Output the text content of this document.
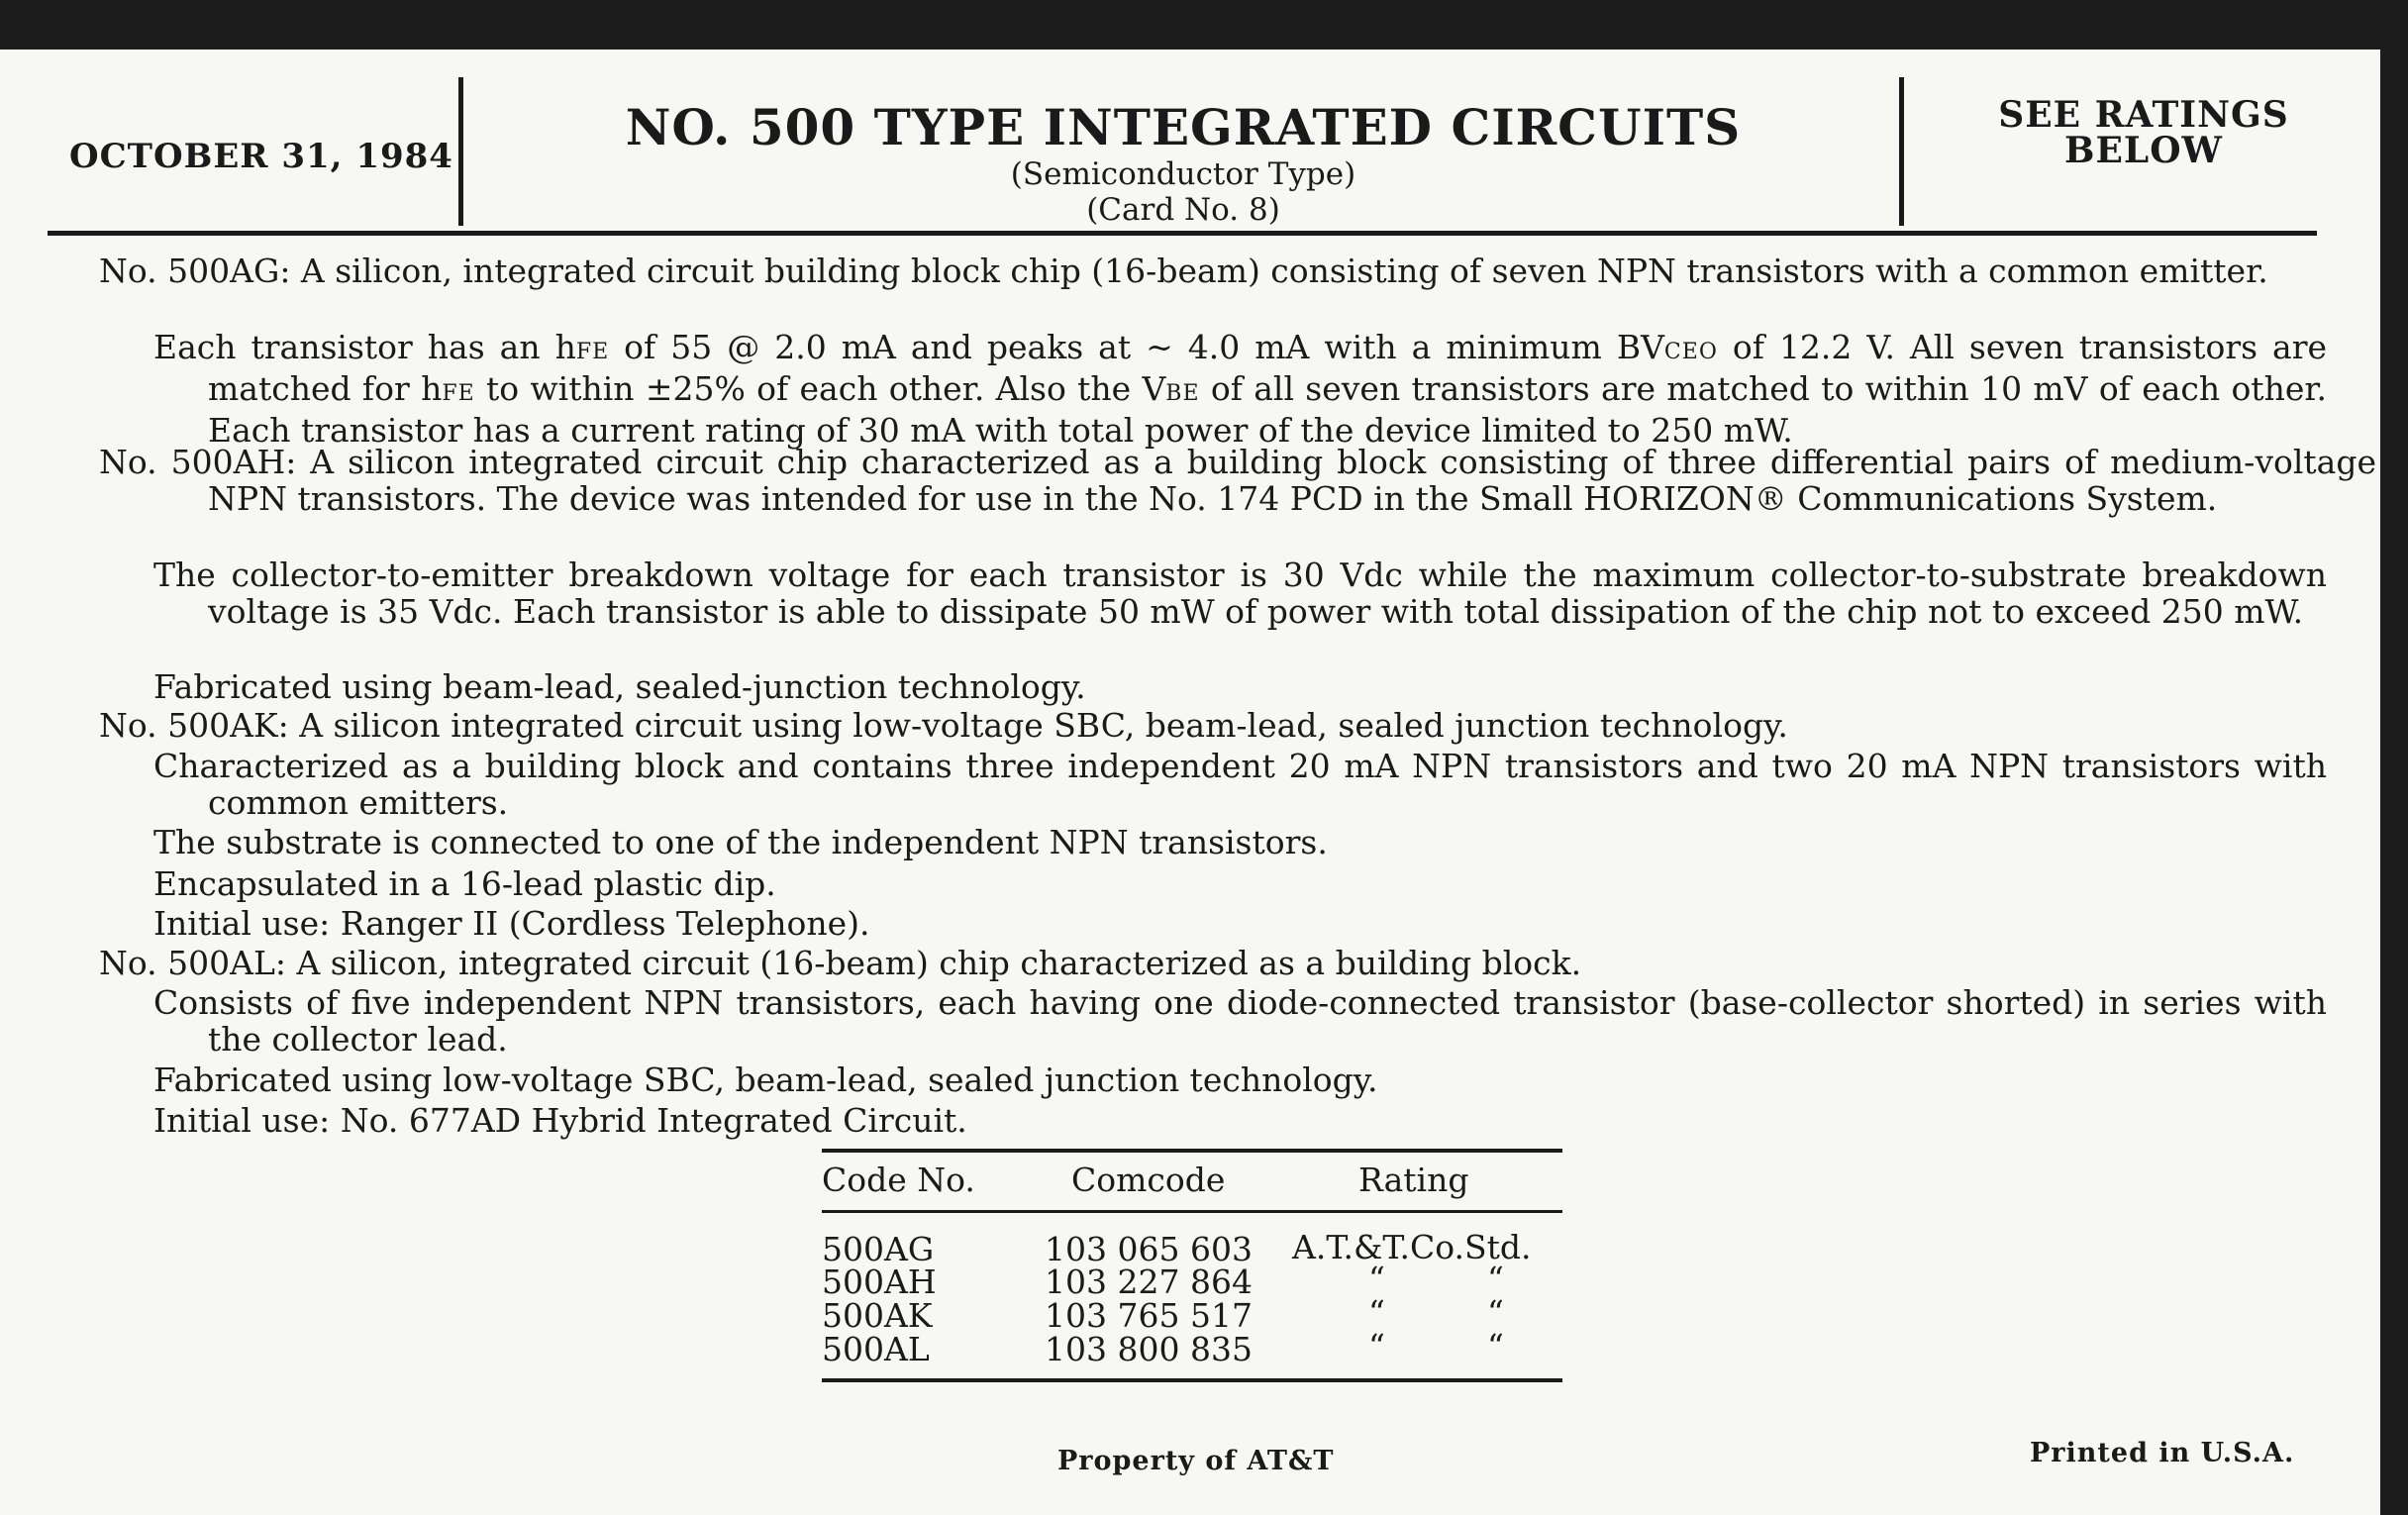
OCTOBER 31, 1984	NO. 500 TYPE INTEGRATED CIRCUITS
(Semiconductor Type)
(Card No. 8)
SEE RATINGS
BELOW

No. 500AG: A silicon, integrated circuit building block chip (16-beam) consisting of seven NPN transistors with a common emitter.

Each transistor has an hFE of 55 @ 2.0 mA and peaks at ~ 4.0 mA with a minimum BVCEO of 12.2 V. All seven transistors are matched for hFE to within ±25% of each other. Also the VBE of all seven transistors are matched to within 10 mV of each other. Each transistor has a current rating of 30 mA with total power of the device limited to 250 mW.

No. 500AH: A silicon integrated circuit chip characterized as a building block consisting of three differential pairs of medium-voltage NPN transistors. The device was intended for use in the No. 174 PCD in the Small HORIZON® Communications System.

The collector-to-emitter breakdown voltage for each transistor is 30 Vdc while the maximum collector-to-substrate breakdown voltage is 35 Vdc. Each transistor is able to dissipate 50 mW of power with total dissipation of the chip not to exceed 250 mW.

Fabricated using beam-lead, sealed-junction technology.

No. 500AK: A silicon integrated circuit using low-voltage SBC, beam-lead, sealed junction technology.

Characterized as a building block and contains three independent 20 mA NPN transistors and two 20 mA NPN transistors with common emitters.

The substrate is connected to one of the independent NPN transistors.

Encapsulated in a 16-lead plastic dip.

Initial use: Ranger II (Cordless Telephone).

No. 500AL: A silicon, integrated circuit (16-beam) chip characterized as a building block.

Consists of five independent NPN transistors, each having one diode-connected transistor (base-collector shorted) in series with the collector lead.

Fabricated using low-voltage SBC, beam-lead, sealed junction technology.

Initial use: No. 677AD Hybrid Integrated Circuit.

Code No.	Comcode	Rating
500AG	103 065 603 A.T.&T.Co.Std.
500AH	103 227 864	“	“
500AK	103 765 517	“	“
500AL	103 800 835	“	“
Property of AT&T	Printed in U.S.A.
